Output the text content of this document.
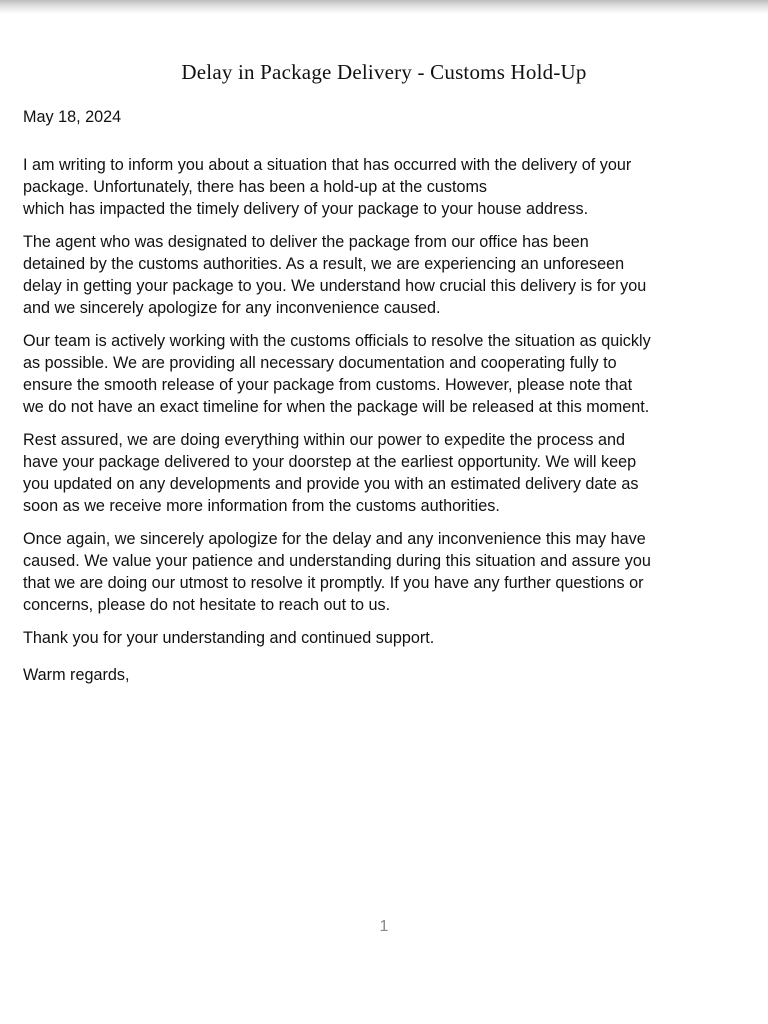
Delay in Package Delivery - Customs Hold-Up

May 18, 2024

I am writing to inform you about a situation that has occurred with the delivery of your
package. Unfortunately, there has been a hold-up at the customs
which has impacted the timely delivery of your package to your house address.

The agent who was designated to deliver the package from our office has been
detained by the customs authorities. As a result, we are experiencing an unforeseen
delay in getting your package to you. We understand how crucial this delivery is for you
and we sincerely apologize for any inconvenience caused.

Our team is actively working with the customs officials to resolve the situation as quickly
as possible. We are providing all necessary documentation and cooperating fully to
ensure the smooth release of your package from customs. However, please note that
we do not have an exact timeline for when the package will be released at this moment.

Rest assured, we are doing everything within our power to expedite the process and
have your package delivered to your doorstep at the earliest opportunity. We will keep
you updated on any developments and provide you with an estimated delivery date as
soon as we receive more information from the customs authorities.

Once again, we sincerely apologize for the delay and any inconvenience this may have
caused. We value your patience and understanding during this situation and assure you
that we are doing our utmost to resolve it promptly. If you have any further questions or
concerns, please do not hesitate to reach out to us.

Thank you for your understanding and continued support.

Warm regards,

1
